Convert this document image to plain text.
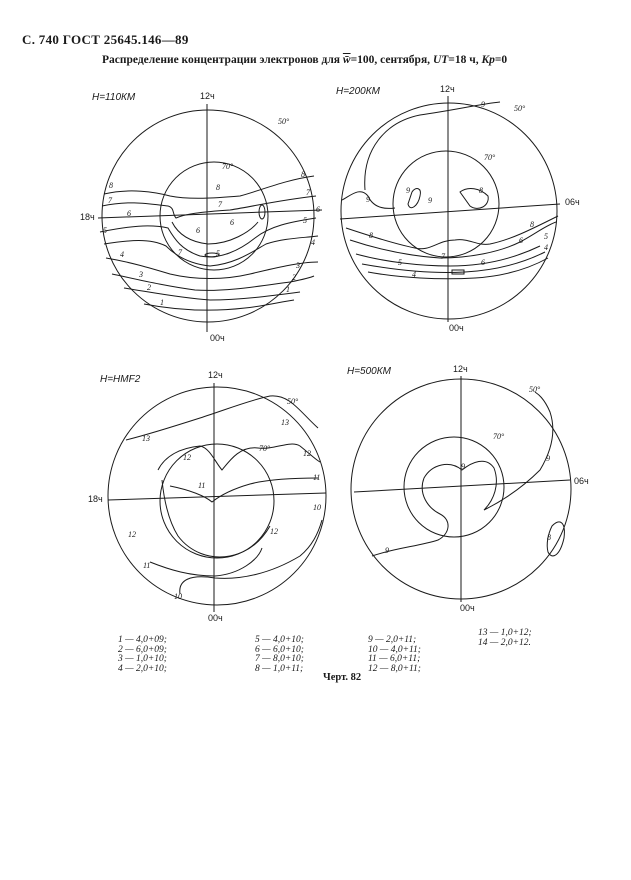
С. 740 ГОСТ 25645.146—89
Распределение концентрации электронов для w̄=100, сентября, UT=18 ч, Kp=0
H=110КМ	12ч
00ч
18ч
50°
70°
8
8
7
7
7
6	6
6
5
5
5
4
4
3
3
2
2
1
1
8
7
6
H=200КМ	12ч
00ч
06ч
50°
70°
9
9
9
9
8
8
8
7
6	5
4
5
4
6
H=HMF2	12ч
00ч
18ч
50°
70°
13
13
12	12
12
11
11
11
10
10
12
H=500КМ	12ч
00ч
06ч
50°
70°
9
9
9
8
1 — 4,0+09;
2 — 6,0+09;
3 — 1,0+10;
4 — 2,0+10;
5 — 4,0+10;
6 — 6,0+10;
7 — 8,0+10;
8 — 1,0+11;
9 — 2,0+11;
10 — 4,0+11;
11 — 6,0+11;
12 — 8,0+11;
13 — 1,0+12;
14 — 2,0+12.
Черт. 82
